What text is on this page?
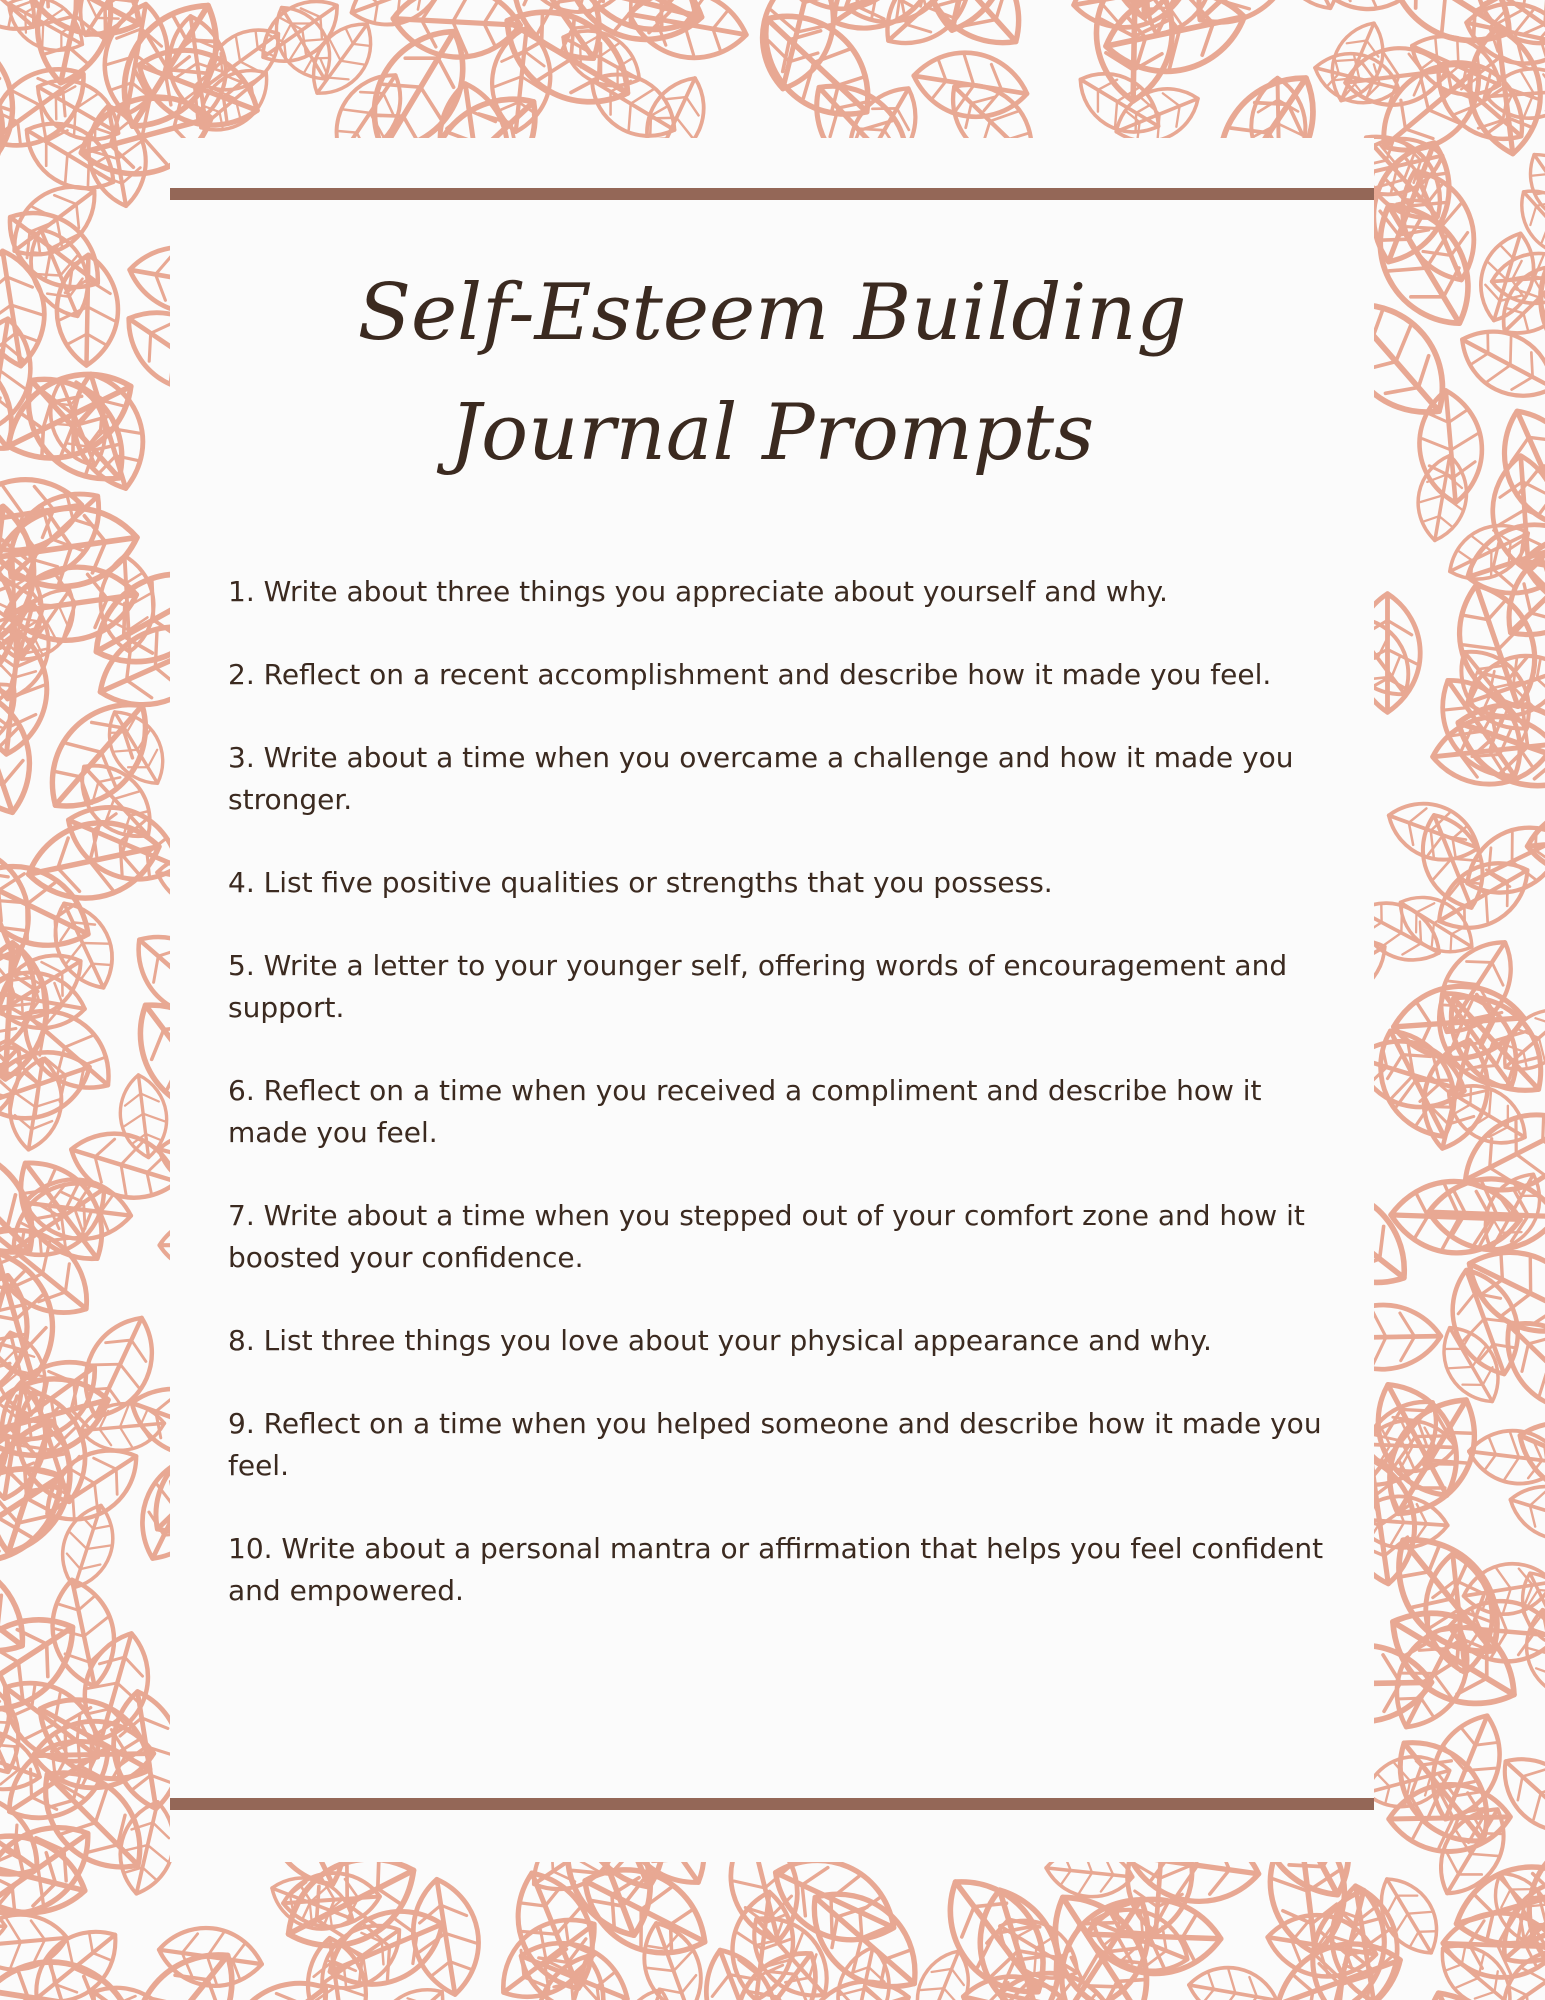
Self-Esteem Building
Journal Prompts
1. Write about three things you appreciate about yourself and why.
2. Reflect on a recent accomplishment and describe how it made you feel.
3. Write about a time when you overcame a challenge and how it made you stronger.
4. List five positive qualities or strengths that you possess.
5. Write a letter to your younger self, offering words of encouragement and support.
6. Reflect on a time when you received a compliment and describe how it made you feel.
7. Write about a time when you stepped out of your comfort zone and how it boosted your confidence.
8. List three things you love about your physical appearance and why.
9. Reflect on a time when you helped someone and describe how it made you feel.
10. Write about a personal mantra or affirmation that helps you feel confident and empowered.
